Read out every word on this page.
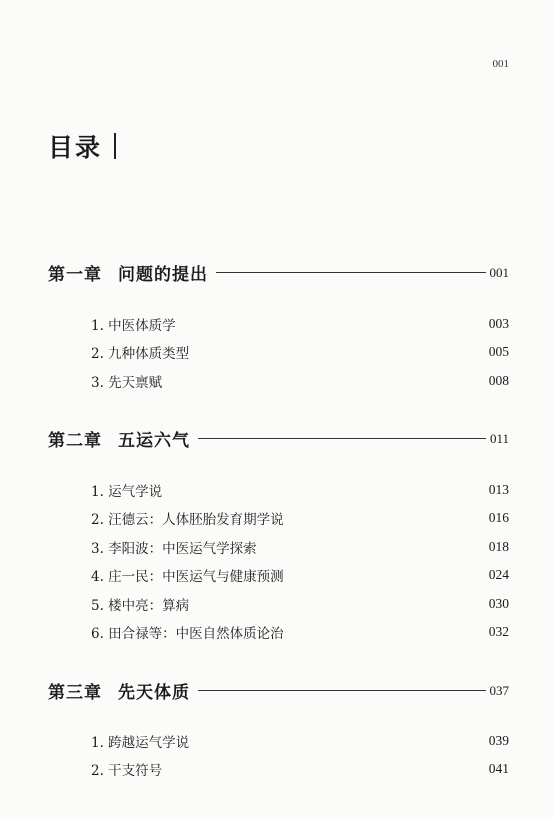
001
目录
第一章 问题的提出	001
1. 中医体质学	003
2. 九种体质类型	005
3. 先天禀赋	008
第二章 五运六气	011
1. 运气学说	013
2. 汪德云：人体胚胎发育期学说	016
3. 李阳波：中医运气学探索	018
4. 庄一民：中医运气与健康预测	024
5. 楼中亮：算病	030
6. 田合禄等：中医自然体质论治	032
第三章 先天体质	037
1. 跨越运气学说	039
2. 干支符号	041
